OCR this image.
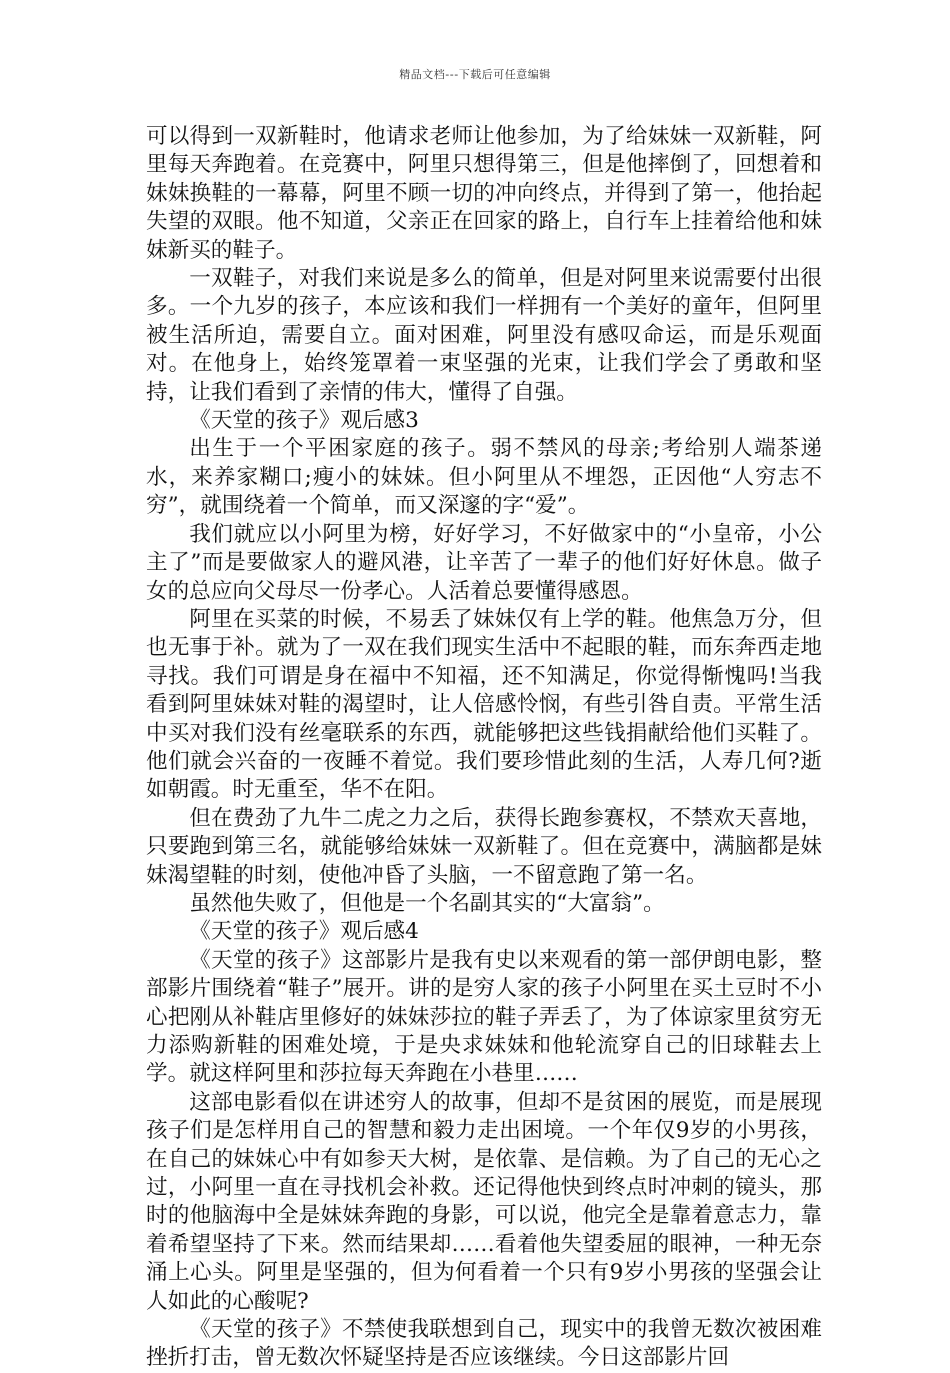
精品文档---下载后可任意编辑

可以得到一双新鞋时，他请求老师让他参加，为了给妹妹一双新鞋，阿里每天奔跑着。在竞赛中，阿里只想得第三，但是他摔倒了，回想着和妹妹换鞋的一幕幕，阿里不顾一切的冲向终点，并得到了第一，他抬起失望的双眼。他不知道，父亲正在回家的路上，自行车上挂着给他和妹妹新买的鞋子。

一双鞋子，对我们来说是多么的简单，但是对阿里来说需要付出很多。一个九岁的孩子，本应该和我们一样拥有一个美好的童年，但阿里被生活所迫，需要自立。面对困难，阿里没有感叹命运，而是乐观面对。在他身上，始终笼罩着一束坚强的光束，让我们学会了勇敢和坚持，让我们看到了亲情的伟大，懂得了自强。

《天堂的孩子》观后感3

出生于一个平困家庭的孩子。弱不禁风的母亲;考给别人端茶递水，来养家糊口;瘦小的妹妹。但小阿里从不埋怨，正因他“人穷志不穷”，就围绕着一个简单，而又深邃的字“爱”。

我们就应以小阿里为榜，好好学习，不好做家中的“小皇帝，小公主了”而是要做家人的避风港，让辛苦了一辈子的他们好好休息。做子女的总应向父母尽一份孝心。人活着总要懂得感恩。

阿里在买菜的时候，不易丢了妹妹仅有上学的鞋。他焦急万分，但也无事于补。就为了一双在我们现实生活中不起眼的鞋，而东奔西走地寻找。我们可谓是身在福中不知福，还不知满足，你觉得惭愧吗!当我看到阿里妹妹对鞋的渴望时，让人倍感怜悯，有些引咎自责。平常生活中买对我们没有丝毫联系的东西，就能够把这些钱捐献给他们买鞋了。他们就会兴奋的一夜睡不着觉。我们要珍惜此刻的生活，人寿几何?逝如朝霞。时无重至，华不在阳。

但在费劲了九牛二虎之力之后，获得长跑参赛权，不禁欢天喜地，只要跑到第三名，就能够给妹妹一双新鞋了。但在竞赛中，满脑都是妹妹渴望鞋的时刻，使他冲昏了头脑，一不留意跑了第一名。

虽然他失败了，但他是一个名副其实的“大富翁”。

《天堂的孩子》观后感4

《天堂的孩子》这部影片是我有史以来观看的第一部伊朗电影，整部影片围绕着“鞋子”展开。讲的是穷人家的孩子小阿里在买土豆时不小心把刚从补鞋店里修好的妹妹莎拉的鞋子弄丢了，为了体谅家里贫穷无力添购新鞋的困难处境，于是央求妹妹和他轮流穿自己的旧球鞋去上学。就这样阿里和莎拉每天奔跑在小巷里……

这部电影看似在讲述穷人的故事，但却不是贫困的展览，而是展现孩子们是怎样用自己的智慧和毅力走出困境。一个年仅9岁的小男孩，在自己的妹妹心中有如参天大树，是依靠、是信赖。为了自己的无心之过，小阿里一直在寻找机会补救。还记得他快到终点时冲刺的镜头，那时的他脑海中全是妹妹奔跑的身影，可以说，他完全是靠着意志力，靠着希望坚持了下来。然而结果却……看着他失望委屈的眼神，一种无奈涌上心头。阿里是坚强的，但为何看着一个只有9岁小男孩的坚强会让人如此的心酸呢?

《天堂的孩子》不禁使我联想到自己，现实中的我曾无数次被困难挫折打击，曾无数次怀疑坚持是否应该继续。今日这部影片回
